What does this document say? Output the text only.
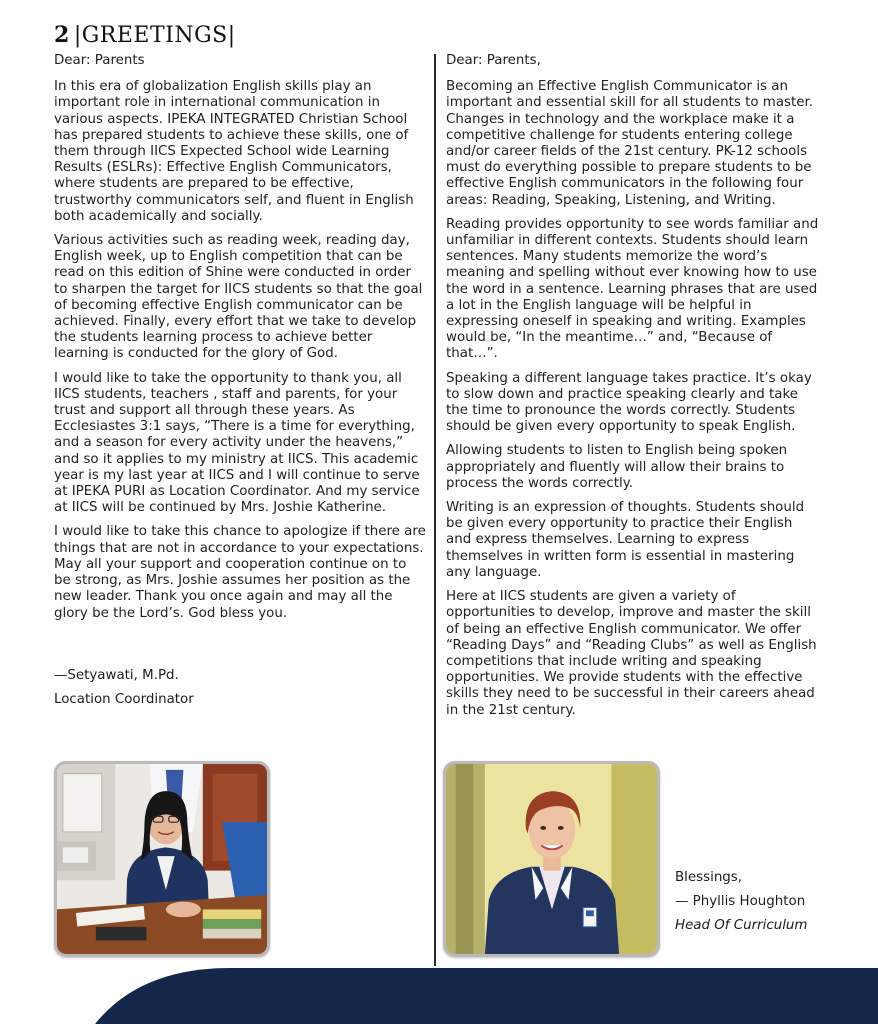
2 |GREETINGS|

Dear: Parents

In this era of globalization English skills play an important role in international communication in various aspects. IPEKA INTEGRATED Christian School has prepared students to achieve these skills, one of them through IICS Expected School wide Learning Results (ESLRs): Effective English Communicators, where students are prepared to be effective, trustworthy communicators self, and fluent in English both academically and socially.

Various activities such as reading week, reading day, English week, up to English competition that can be read on this edition of Shine were conducted in order to sharpen the target for IICS students so that the goal of becoming effective English communicator can be achieved. Finally, every effort that we take to develop the students learning process to achieve better learning is conducted for the glory of God.

I would like to take the opportunity to thank you, all IICS students, teachers , staff and parents, for your trust and support all through these years. As Ecclesiastes 3:1 says, “There is a time for everything, and a season for every activity under the heavens,” and so it applies to my ministry at IICS. This academic year is my last year at IICS and I will continue to serve at IPEKA PURI as Location Coordinator. And my service at IICS will be continued by Mrs. Joshie Katherine.

I would like to take this chance to apologize if there are things that are not in accordance to your expectations. May all your support and cooperation continue on to be strong, as Mrs. Joshie assumes her position as the new leader. Thank you once again and may all the glory be the Lord’s. God bless you.

—Setyawati, M.Pd.
Location Coordinator

Dear: Parents,

Becoming an Effective English Communicator is an important and essential skill for all students to master. Changes in technology and the workplace make it a competitive challenge for students entering college and/or career fields of the 21st century. PK-12 schools must do everything possible to prepare students to be effective English communicators in the following four areas: Reading, Speaking, Listening, and Writing.

Reading provides opportunity to see words familiar and unfamiliar in different contexts. Students should learn sentences. Many students memorize the word’s meaning and spelling without ever knowing how to use the word in a sentence. Learning phrases that are used a lot in the English language will be helpful in expressing oneself in speaking and writing. Examples would be, “In the meantime…” and, “Because of that…”.

Speaking a different language takes practice. It’s okay to slow down and practice speaking clearly and take the time to pronounce the words correctly. Students should be given every opportunity to speak English.

Allowing students to listen to English being spoken appropriately and fluently will allow their brains to process the words correctly.

Writing is an expression of thoughts. Students should be given every opportunity to practice their English and express themselves. Learning to express themselves in written form is essential in mastering any language.

Here at IICS students are given a variety of opportunities to develop, improve and master the skill of being an effective English communicator. We offer “Reading Days” and “Reading Clubs” as well as English competitions that include writing and speaking opportunities. We provide students with the effective skills they need to be successful in their careers ahead in the 21st century.

Blessings,
— Phyllis Houghton
Head Of Curriculum
